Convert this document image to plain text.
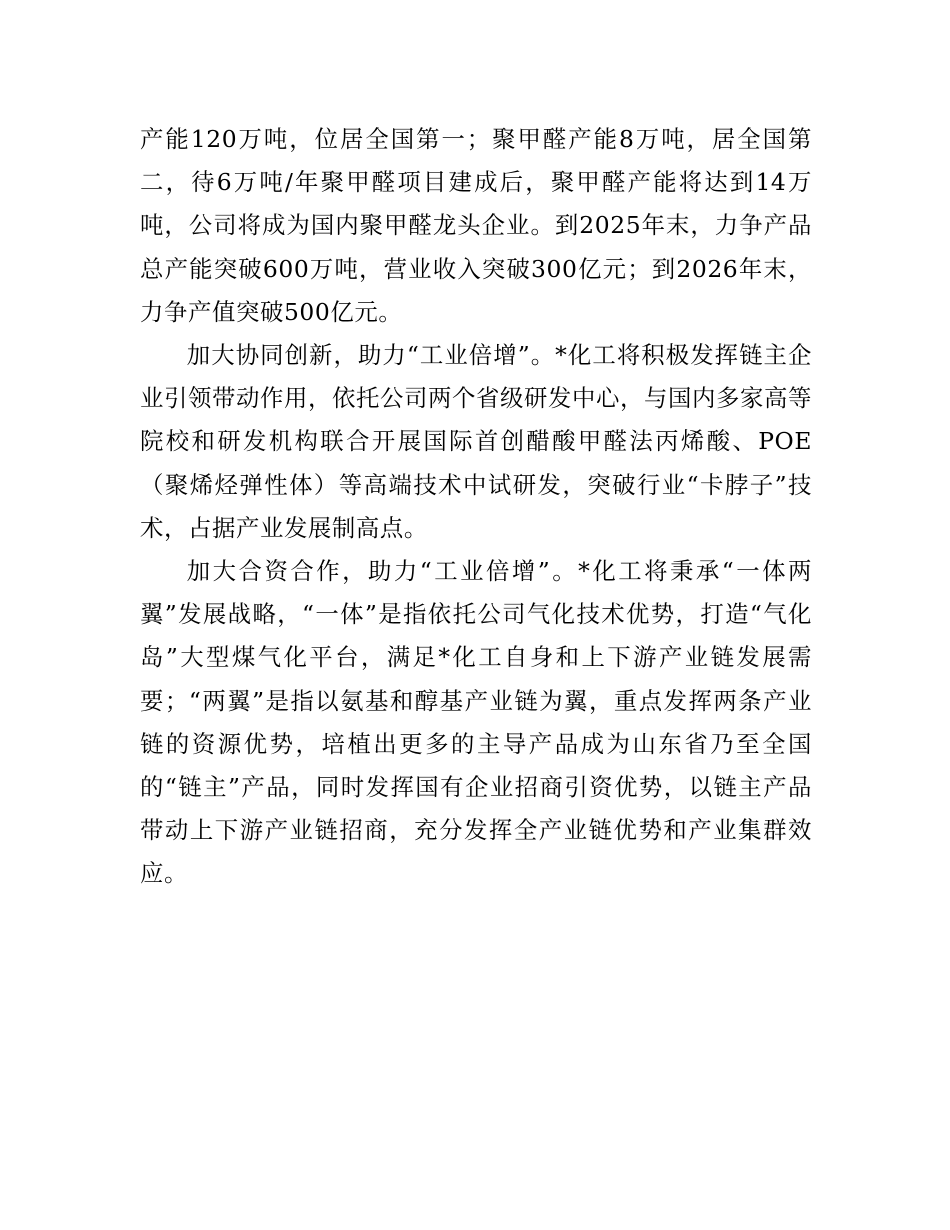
产能120万吨，位居全国第一；聚甲醛产能8万吨，居全国第二，待6万吨/年聚甲醛项目建成后，聚甲醛产能将达到14万吨，公司将成为国内聚甲醛龙头企业。到2025年末，力争产品总产能突破600万吨，营业收入突破300亿元；到2026年末，力争产值突破500亿元。

加大协同创新，助力“工业倍增”。*化工将积极发挥链主企业引领带动作用，依托公司两个省级研发中心，与国内多家高等院校和研发机构联合开展国际首创醋酸甲醛法丙烯酸、POE（聚烯烃弹性体）等高端技术中试研发，突破行业“卡脖子”技术，占据产业发展制高点。

加大合资合作，助力“工业倍增”。*化工将秉承“一体两翼”发展战略，“一体”是指依托公司气化技术优势，打造“气化岛”大型煤气化平台，满足*化工自身和上下游产业链发展需要；“两翼”是指以氨基和醇基产业链为翼，重点发挥两条产业链的资源优势，培植出更多的主导产品成为山东省乃至全国的“链主”产品，同时发挥国有企业招商引资优势，以链主产品带动上下游产业链招商，充分发挥全产业链优势和产业集群效应。
